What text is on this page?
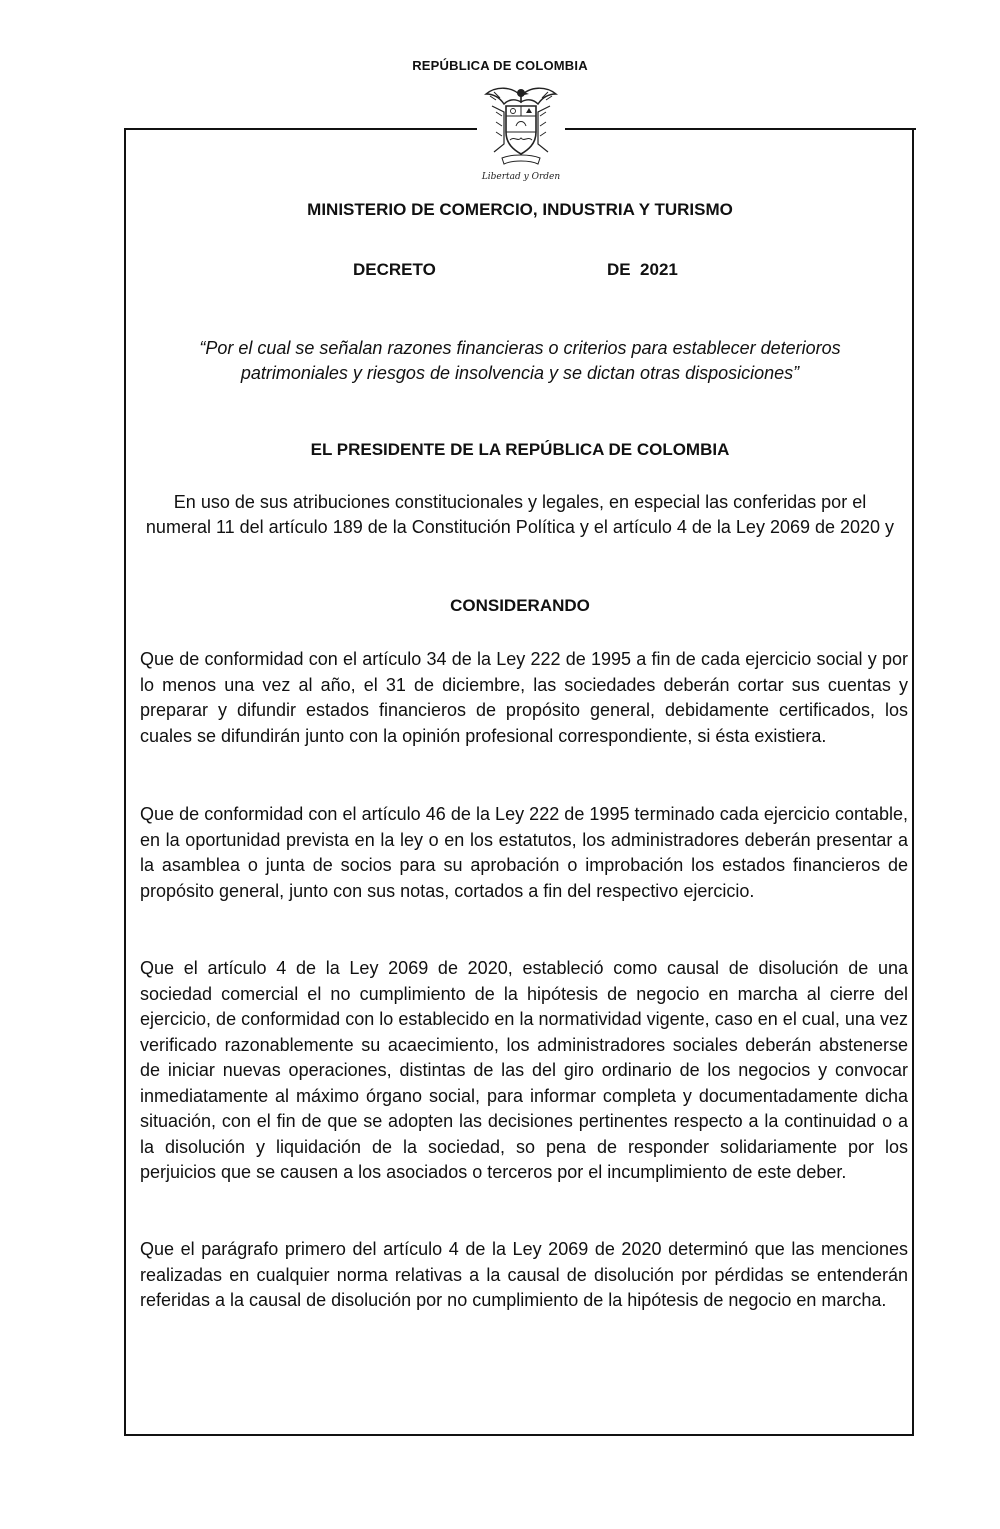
REPÚBLICA DE COLOMBIA
Libertad y Orden
MINISTERIO DE COMERCIO, INDUSTRIA Y TURISMO
DECRETO	DE  2021
“Por el cual se señalan razones financieras o criterios para establecer deterioros patrimoniales y riesgos de insolvencia y se dictan otras disposiciones”
EL PRESIDENTE DE LA REPÚBLICA DE COLOMBIA
En uso de sus atribuciones constitucionales y legales, en especial las conferidas por el numeral 11 del artículo 189 de la Constitución Política y el artículo 4 de la Ley 2069 de 2020 y
CONSIDERANDO
Que de conformidad con el artículo 34 de la Ley 222 de 1995 a fin de cada ejercicio social y por lo menos una vez al año, el 31 de diciembre, las sociedades deberán cortar sus cuentas y preparar y difundir estados financieros de propósito general, debidamente certificados, los cuales se difundirán junto con la opinión profesional correspondiente, si ésta existiera.
Que de conformidad con el artículo 46 de la Ley 222 de 1995 terminado cada ejercicio contable, en la oportunidad prevista en la ley o en los estatutos, los administradores deberán presentar a la asamblea o junta de socios para su aprobación o improbación los estados financieros de propósito general, junto con sus notas, cortados a fin del respectivo ejercicio.
Que el artículo 4 de la Ley 2069 de 2020, estableció como causal de disolución de una sociedad comercial el no cumplimiento de la hipótesis de negocio en marcha al cierre del ejercicio, de conformidad con lo establecido en la normatividad vigente, caso en el cual, una vez verificado razonablemente su acaecimiento, los administradores sociales deberán abstenerse de iniciar nuevas operaciones, distintas de las del giro ordinario de los negocios y convocar inmediatamente al máximo órgano social, para informar completa y documentadamente dicha situación, con el fin de que se adopten las decisiones pertinentes respecto a la continuidad o a la disolución y liquidación de la sociedad, so pena de responder solidariamente por los perjuicios que se causen a los asociados o terceros por el incumplimiento de este deber.
Que el parágrafo primero del artículo 4 de la Ley 2069 de 2020 determinó que las menciones realizadas en cualquier norma relativas a la causal de disolución por pérdidas se entenderán referidas a la causal de disolución por no cumplimiento de la hipótesis de negocio en marcha.
